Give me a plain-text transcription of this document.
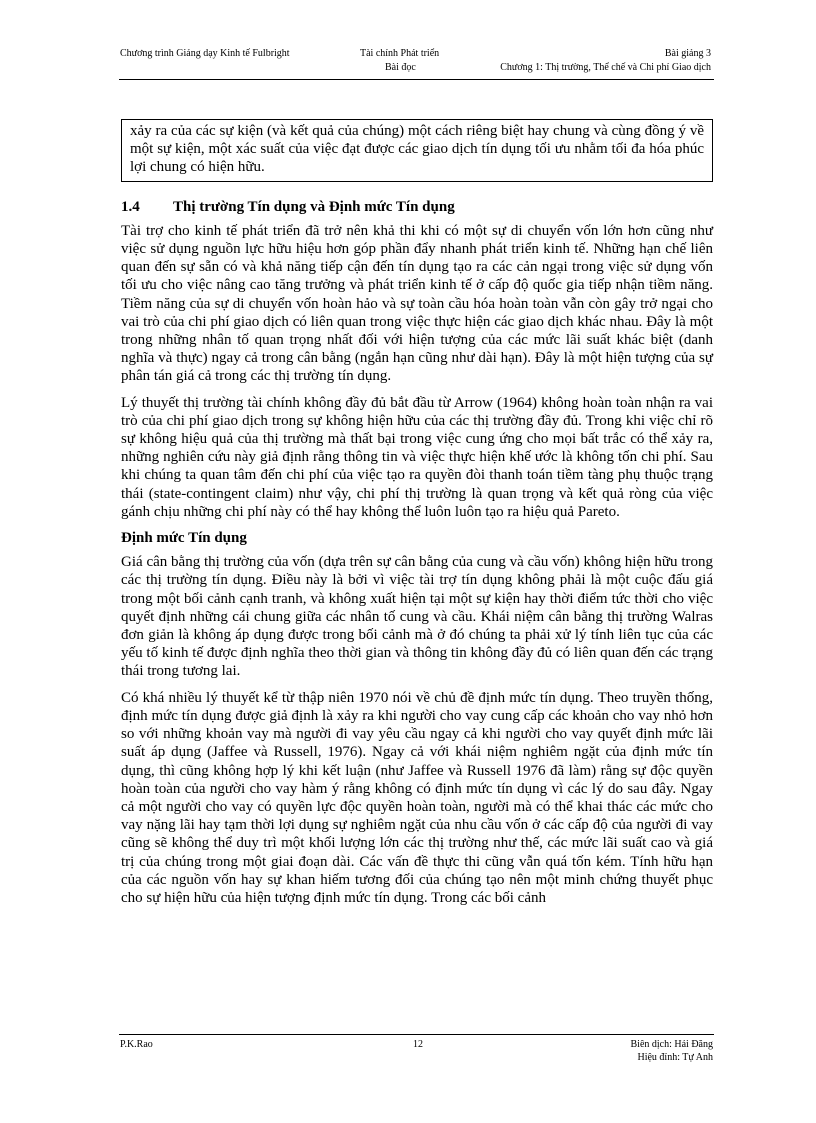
Chương trình Giảng dạy Kinh tế Fulbright	Tài chính Phát triển
Bài đọc
Bài giảng 3
Chương 1: Thị trường, Thể chế và Chi phí Giao dịch
xảy ra của các sự kiện (và kết quả của chúng) một cách riêng biệt hay chung và cùng đồng ý về một sự kiện, một xác suất của việc đạt được các giao dịch tín dụng tối ưu nhằm tối đa hóa phúc lợi chung có hiện hữu.
1.4 Thị trường Tín dụng và Định mức Tín dụng

Tài trợ cho kinh tế phát triển đã trở nên khả thi khi có một sự di chuyển vốn lớn hơn cũng như việc sử dụng nguồn lực hữu hiệu hơn góp phần đẩy nhanh phát triển kinh tế. Những hạn chế liên quan đến sự sẵn có và khả năng tiếp cận đến tín dụng tạo ra các cản ngại trong việc sử dụng vốn tối ưu cho việc nâng cao tăng trưởng và phát triển kinh tế ở cấp độ quốc gia tiếp nhận tiềm năng. Tiềm năng của sự di chuyển vốn hoàn hảo và sự toàn cầu hóa hoàn toàn vẫn còn gây trở ngại cho vai trò của chi phí giao dịch có liên quan trong việc thực hiện các giao dịch khác nhau. Đây là một trong những nhân tố quan trọng nhất đối với hiện tượng của các mức lãi suất khác biệt (danh nghĩa và thực) ngay cả trong cân bằng (ngắn hạn cũng như dài hạn). Đây là một hiện tượng của sự phân tán giá cả trong các thị trường tín dụng.

Lý thuyết thị trường tài chính không đầy đủ bắt đầu từ Arrow (1964) không hoàn toàn nhận ra vai trò của chi phí giao dịch trong sự không hiện hữu của các thị trường đầy đủ. Trong khi việc chỉ rõ sự không hiệu quả của thị trường mà thất bại trong việc cung ứng cho mọi bất trắc có thể xảy ra, những nghiên cứu này giả định rằng thông tin và việc thực hiện khế ước là không tốn chi phí. Sau khi chúng ta quan tâm đến chi phí của việc tạo ra quyền đòi thanh toán tiềm tàng phụ thuộc trạng thái (state-contingent claim) như vậy, chi phí thị trường là quan trọng và kết quả ròng của việc gánh chịu những chi phí này có thể hay không thể luôn luôn tạo ra hiệu quả Pareto.

Định mức Tín dụng

Giá cân bằng thị trường của vốn (dựa trên sự cân bằng của cung và cầu vốn) không hiện hữu trong các thị trường tín dụng. Điều này là bởi vì việc tài trợ tín dụng không phải là một cuộc đấu giá trong một bối cảnh cạnh tranh, và không xuất hiện tại một sự kiện hay thời điểm tức thời cho việc quyết định những cái chung giữa các nhân tố cung và cầu. Khái niệm cân bằng thị trường Walras đơn giản là không áp dụng được trong bối cảnh mà ở đó chúng ta phải xử lý tính liên tục của các yếu tố kinh tế được định nghĩa theo thời gian và thông tin không đầy đủ có liên quan đến các trạng thái trong tương lai.

Có khá nhiều lý thuyết kể từ thập niên 1970 nói về chủ đề định mức tín dụng. Theo truyền thống, định mức tín dụng được giả định là xảy ra khi người cho vay cung cấp các khoản cho vay nhỏ hơn so với những khoản vay mà người đi vay yêu cầu ngay cả khi người cho vay quyết định mức lãi suất áp dụng (Jaffee và Russell, 1976). Ngay cả với khái niệm nghiêm ngặt của định mức tín dụng, thì cũng không hợp lý khi kết luận (như Jaffee và Russell 1976 đã làm) rằng sự độc quyền hoàn toàn của người cho vay hàm ý rằng không có định mức tín dụng vì các lý do sau đây. Ngay cả một người cho vay có quyền lực độc quyền hoàn toàn, người mà có thể khai thác các mức cho vay nặng lãi hay tạm thời lợi dụng sự nghiêm ngặt của nhu cầu vốn ở các cấp độ của người đi vay cũng sẽ không thể duy trì một khối lượng lớn các thị trường như thế, các mức lãi suất cao và giá trị của chúng trong một giai đoạn dài. Các vấn đề thực thi cũng vẫn quá tốn kém. Tính hữu hạn của các nguồn vốn hay sự khan hiếm tương đối của chúng tạo nên một minh chứng thuyết phục cho sự hiện hữu của hiện tượng định mức tín dụng. Trong các bối cảnh

P.K.Rao	12	Biên dịch: Hải Đăng
Hiệu đính: Tự Anh
